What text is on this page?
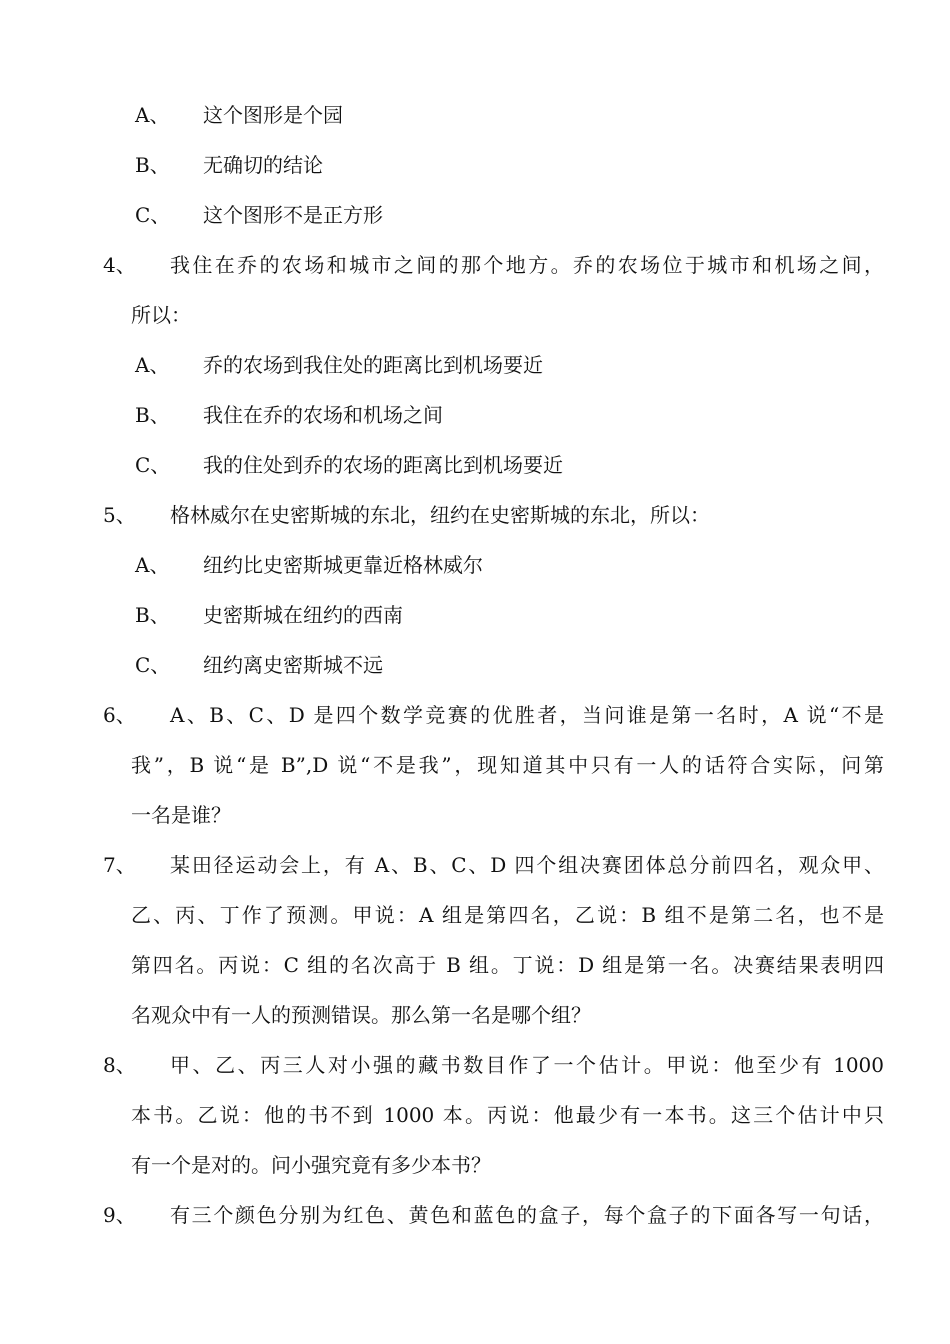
A、 这个图形是个园
B、 无确切的结论
C、 这个图形不是正方形
4、 我住在乔的农场和城市之间的那个地方。乔的农场位于城市和机场之间，
所以：
A、 乔的农场到我住处的距离比到机场要近
B、 我住在乔的农场和机场之间
C、 我的住处到乔的农场的距离比到机场要近
5、 格林威尔在史密斯城的东北，纽约在史密斯城的东北，所以：
A、 纽约比史密斯城更靠近格林威尔
B、 史密斯城在纽约的西南
C、 纽约离史密斯城不远
6、 A、B、C、D 是四个数学竞赛的优胜者，当问谁是第一名时，A 说“不是
我”，B 说“是 B”,D 说“不是我”，现知道其中只有一人的话符合实际，问第
一名是谁？
7、 某田径运动会上，有 A、B、C、D 四个组决赛团体总分前四名，观众甲、
乙、丙、丁作了预测。甲说：A 组是第四名，乙说：B 组不是第二名，也不是
第四名。丙说：C 组的名次高于 B 组。丁说：D 组是第一名。决赛结果表明四
名观众中有一人的预测错误。那么第一名是哪个组？
8、 甲、乙、丙三人对小强的藏书数目作了一个估计。甲说：他至少有 1000
本书。乙说：他的书不到 1000 本。丙说：他最少有一本书。这三个估计中只
有一个是对的。问小强究竟有多少本书？
9、 有三个颜色分别为红色、黄色和蓝色的盒子，每个盒子的下面各写一句话，
